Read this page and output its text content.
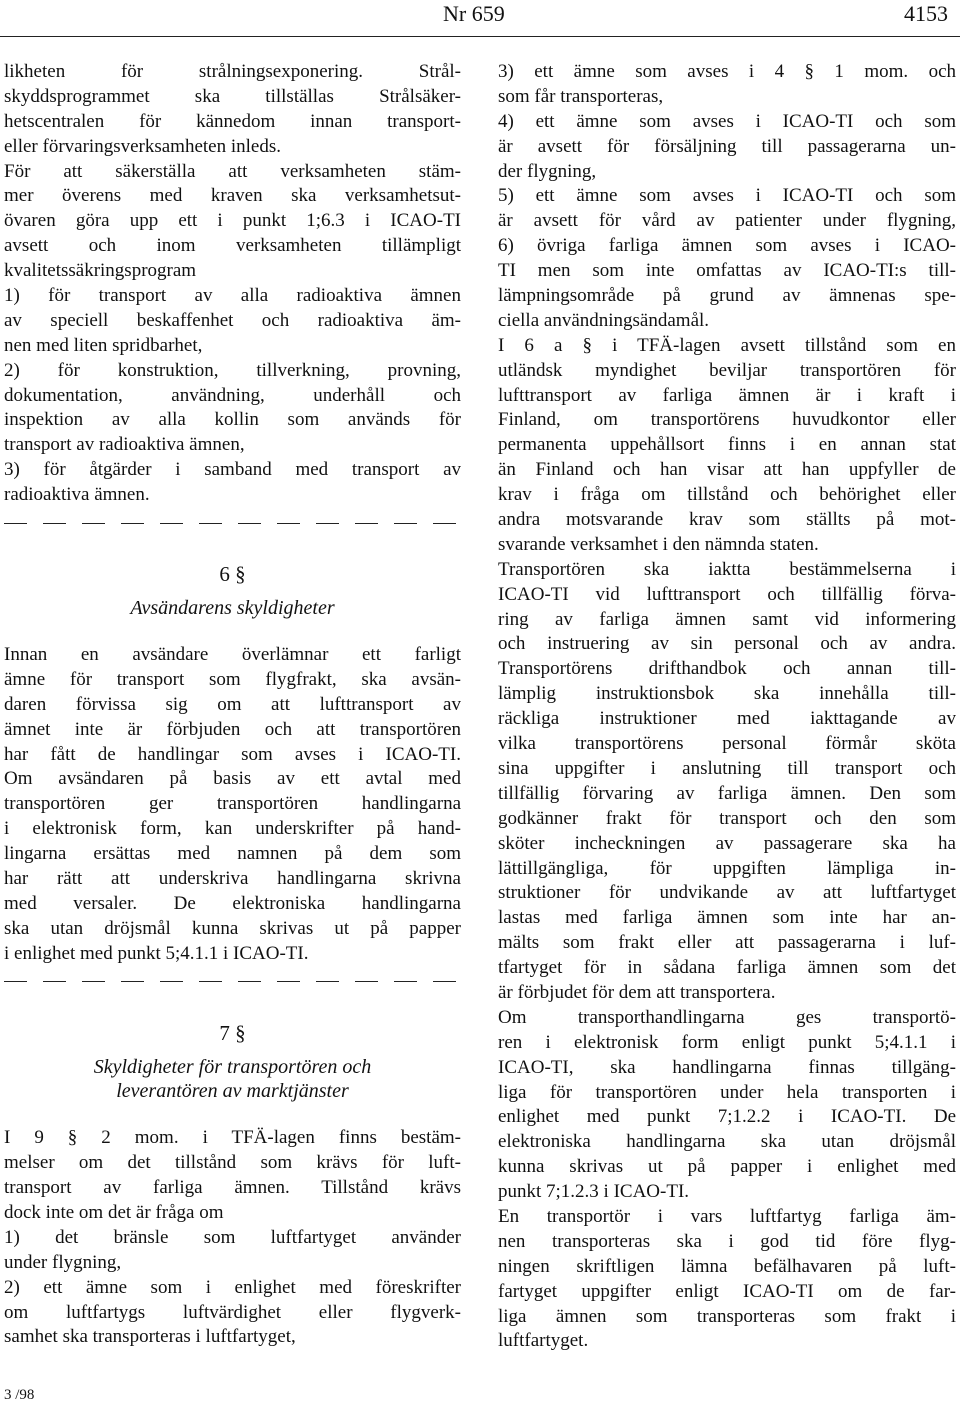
Nr 659	4153
likheten för strålningsexponering. Strål-
skyddsprogrammet ska tillställas Strålsäker-
hetscentralen för kännedom innan transport-
eller förvaringsverksamheten inleds.
För att säkerställa att verksamheten stäm-
mer överens med kraven ska verksamhetsut-
övaren göra upp ett i punkt 1;6.3 i ICAO-TI
avsett och inom verksamheten tillämpligt
kvalitetssäkringsprogram
1) för transport av alla radioaktiva ämnen
av speciell beskaffenhet och radioaktiva äm-
nen med liten spridbarhet,
2) för konstruktion, tillverkning, provning,
dokumentation, användning, underhåll och
inspektion av alla kollin som används för
transport av radioaktiva ämnen,
3) för åtgärder i samband med transport av
radioaktiva ämnen.
6 §
Avsändarens skyldigheter
Innan en avsändare överlämnar ett farligt
ämne för transport som flygfrakt, ska avsän-
daren förvissa sig om att lufttransport av
ämnet inte är förbjuden och att transportören
har fått de handlingar som avses i ICAO-TI.
Om avsändaren på basis av ett avtal med
transportören ger transportören handlingarna
i elektronisk form, kan underskrifter på hand-
lingarna ersättas med namnen på dem som
har rätt att underskriva handlingarna skrivna
med versaler. De elektroniska handlingarna
ska utan dröjsmål kunna skrivas ut på papper
i enlighet med punkt 5;4.1.1 i ICAO-TI.
7 §
Skyldigheter för transportören och
leverantören av marktjänster
I 9 § 2 mom. i TFÄ-lagen finns bestäm-
melser om det tillstånd som krävs för luft-
transport av farliga ämnen. Tillstånd krävs
dock inte om det är fråga om
1) det bränsle som luftfartyget använder
under flygning,
2) ett ämne som i enlighet med föreskrifter
om luftfartygs luftvärdighet eller flygverk-
samhet ska transporteras i luftfartyget,
3) ett ämne som avses i 4 § 1 mom. och
som får transporteras,
4) ett ämne som avses i ICAO-TI och som
är avsett för försäljning till passagerarna un-
der flygning,
5) ett ämne som avses i ICAO-TI och som
är avsett för vård av patienter under flygning,
6) övriga farliga ämnen som avses i ICAO-
TI men som inte omfattas av ICAO-TI:s till-
lämpningsområde på grund av ämnenas spe-
ciella användningsändamål.
I 6 a § i TFÄ-lagen avsett tillstånd som en
utländsk myndighet beviljar transportören för
lufttransport av farliga ämnen är i kraft i
Finland, om transportörens huvudkontor eller
permanenta uppehållsort finns i en annan stat
än Finland och han visar att han uppfyller de
krav i fråga om tillstånd och behörighet eller
andra motsvarande krav som ställts på mot-
svarande verksamhet i den nämnda staten.
Transportören ska iaktta bestämmelserna i
ICAO-TI vid lufttransport och tillfällig förva-
ring av farliga ämnen samt vid informering
och instruering av sin personal och av andra.
Transportörens drifthandbok och annan till-
lämplig instruktionsbok ska innehålla till-
räckliga instruktioner med iakttagande av
vilka transportörens personal förmår sköta
sina uppgifter i anslutning till transport och
tillfällig förvaring av farliga ämnen. Den som
godkänner frakt för transport och den som
sköter incheckningen av passagerare ska ha
lättillgängliga, för uppgiften lämpliga in-
struktioner för undvikande av att luftfartyget
lastas med farliga ämnen som inte har an-
mälts som frakt eller att passagerarna i luf-
tfartyget för in sådana farliga ämnen som det
är förbjudet för dem att transportera.
Om transporthandlingarna ges transportö-
ren i elektronisk form enligt punkt 5;4.1.1 i
ICAO-TI, ska handlingarna finnas tillgäng-
liga för transportören under hela transporten i
enlighet med punkt 7;1.2.2 i ICAO-TI. De
elektroniska handlingarna ska utan dröjsmål
kunna skrivas ut på papper i enlighet med
punkt 7;1.2.3 i ICAO-TI.
En transportör i vars luftfartyg farliga äm-
nen transporteras ska i god tid före flyg-
ningen skriftligen lämna befälhavaren på luft-
fartyget uppgifter enligt ICAO-TI om de far-
liga ämnen som transporteras som frakt i
luftfartyget.
3 /98
